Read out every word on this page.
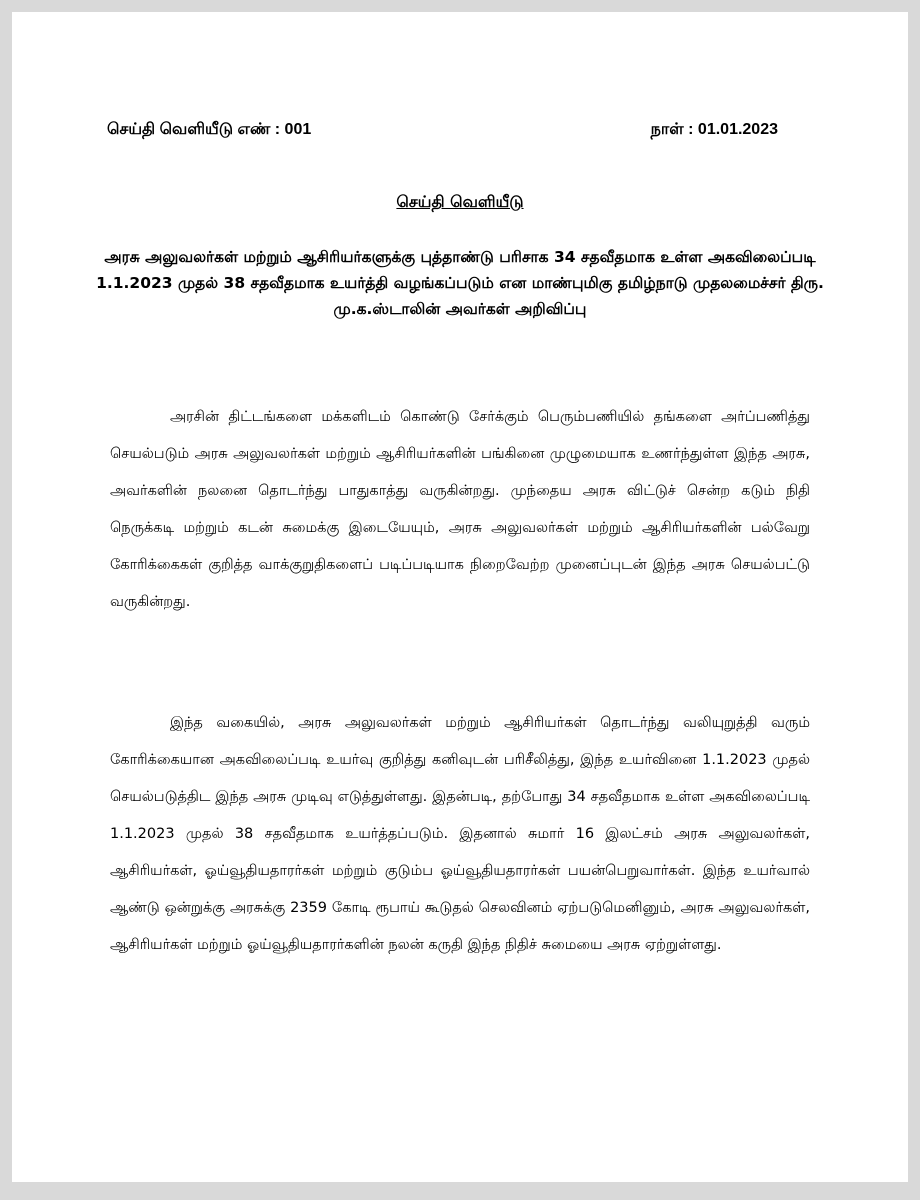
செய்தி வெளியீடு எண் : 001	நாள் : 01.01.2023
செய்தி வெளியீடு
அரசு அலுவலர்கள் மற்றும் ஆசிரியர்களுக்கு புத்தாண்டு பரிசாக 34 சதவீதமாக உள்ள அகவிலைப்படி 1.1.2023 முதல் 38 சதவீதமாக உயர்த்தி வழங்கப்படும் என மாண்புமிகு தமிழ்நாடு முதலமைச்சர் திரு. மு.க.ஸ்டாலின் அவர்கள் அறிவிப்பு

அரசின் திட்டங்களை மக்களிடம் கொண்டு சேர்க்கும் பெரும்பணியில் தங்களை அர்ப்பணித்து செயல்படும் அரசு அலுவலர்கள் மற்றும் ஆசிரியர்களின் பங்கினை முழுமையாக உணர்ந்துள்ள இந்த அரசு, அவர்களின் நலனை தொடர்ந்து பாதுகாத்து வருகின்றது. முந்தைய அரசு விட்டுச் சென்ற கடும் நிதி நெருக்கடி மற்றும் கடன் சுமைக்கு இடையேயும், அரசு அலுவலர்கள் மற்றும் ஆசிரியர்களின் பல்வேறு கோரிக்கைகள் குறித்த வாக்குறுதிகளைப் படிப்படியாக நிறைவேற்ற முனைப்புடன் இந்த அரசு செயல்பட்டு வருகின்றது.

இந்த வகையில், அரசு அலுவலர்கள் மற்றும் ஆசிரியர்கள் தொடர்ந்து வலியுறுத்தி வரும் கோரிக்கையான அகவிலைப்படி உயர்வு குறித்து கனிவுடன் பரிசீலித்து, இந்த உயர்வினை 1.1.2023 முதல் செயல்படுத்திட இந்த அரசு முடிவு எடுத்துள்ளது. இதன்படி, தற்போது 34 சதவீதமாக உள்ள அகவிலைப்படி 1.1.2023 முதல் 38 சதவீதமாக உயர்த்தப்படும். இதனால் சுமார் 16 இலட்சம் அரசு அலுவலர்கள், ஆசிரியர்கள், ஓய்வூதியதாரர்கள் மற்றும் குடும்ப ஓய்வூதியதாரர்கள் பயன்பெறுவார்கள். இந்த உயர்வால் ஆண்டு ஒன்றுக்கு அரசுக்கு 2359 கோடி ரூபாய் கூடுதல் செலவினம் ஏற்படுமெனினும், அரசு அலுவலர்கள், ஆசிரியர்கள் மற்றும் ஓய்வூதியதாரர்களின் நலன் கருதி இந்த நிதிச் சுமையை அரசு ஏற்றுள்ளது.
